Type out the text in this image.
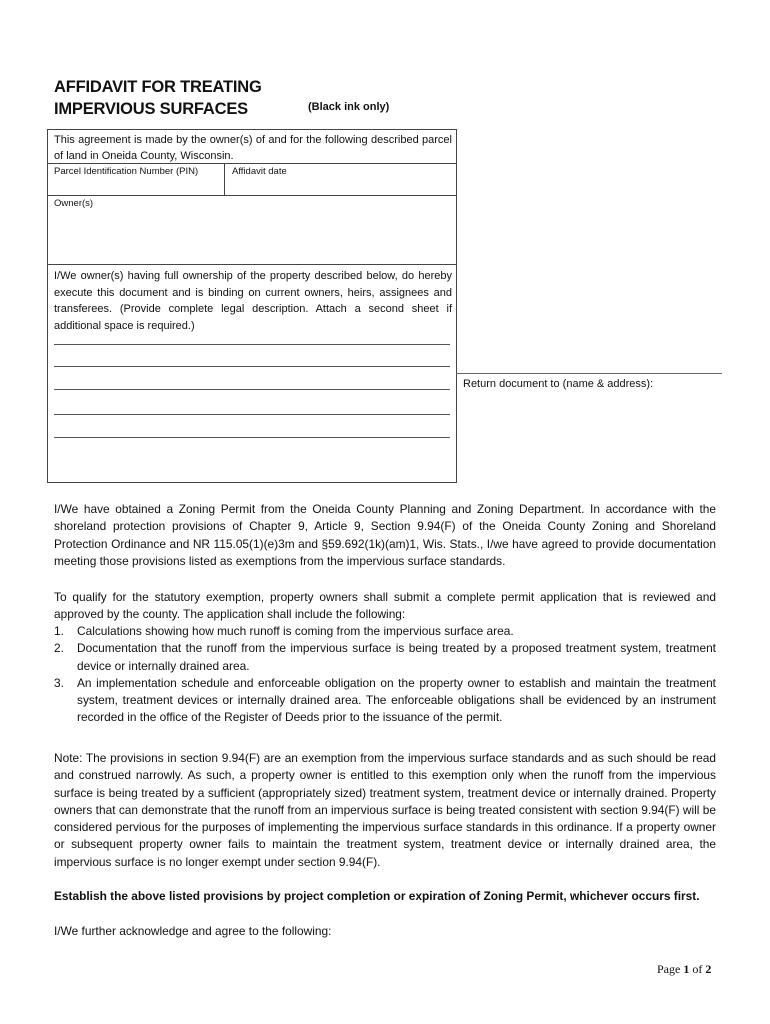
AFFIDAVIT FOR TREATING
IMPERVIOUS SURFACES	(Black ink only)
This agreement is made by the owner(s) of and for the following described parcel of land in Oneida County, Wisconsin.
Parcel Identification Number (PIN)	Affidavit date
Owner(s)
I/We owner(s) having full ownership of the property described below, do hereby execute this document and is binding on current owners, heirs, assignees and transferees. (Provide complete legal description. Attach a second sheet if additional space is required.)
Return document to (name & address):
I/We have obtained a Zoning Permit from the Oneida County Planning and Zoning Department. In accordance with the shoreland protection provisions of Chapter 9, Article 9, Section 9.94(F) of the Oneida County Zoning and Shoreland Protection Ordinance and NR 115.05(1)(e)3m and §59.692(1k)(am)1, Wis. Stats., I/we have agreed to provide documentation meeting those provisions listed as exemptions from the impervious surface standards.
To qualify for the statutory exemption, property owners shall submit a complete permit application that is reviewed and approved by the county. The application shall include the following:
1. Calculations showing how much runoff is coming from the impervious surface area.
2. Documentation that the runoff from the impervious surface is being treated by a proposed treatment system, treatment device or internally drained area.
3. An implementation schedule and enforceable obligation on the property owner to establish and maintain the treatment system, treatment devices or internally drained area. The enforceable obligations shall be evidenced by an instrument recorded in the office of the Register of Deeds prior to the issuance of the permit.
Note: The provisions in section 9.94(F) are an exemption from the impervious surface standards and as such should be read and construed narrowly. As such, a property owner is entitled to this exemption only when the runoff from the impervious surface is being treated by a sufficient (appropriately sized) treatment system, treatment device or internally drained. Property owners that can demonstrate that the runoff from an impervious surface is being treated consistent with section 9.94(F) will be considered pervious for the purposes of implementing the impervious surface standards in this ordinance. If a property owner or subsequent property owner fails to maintain the treatment system, treatment device or internally drained area, the impervious surface is no longer exempt under section 9.94(F).
Establish the above listed provisions by project completion or expiration of Zoning Permit, whichever occurs first.
I/We further acknowledge and agree to the following:
Page 1 of 2
